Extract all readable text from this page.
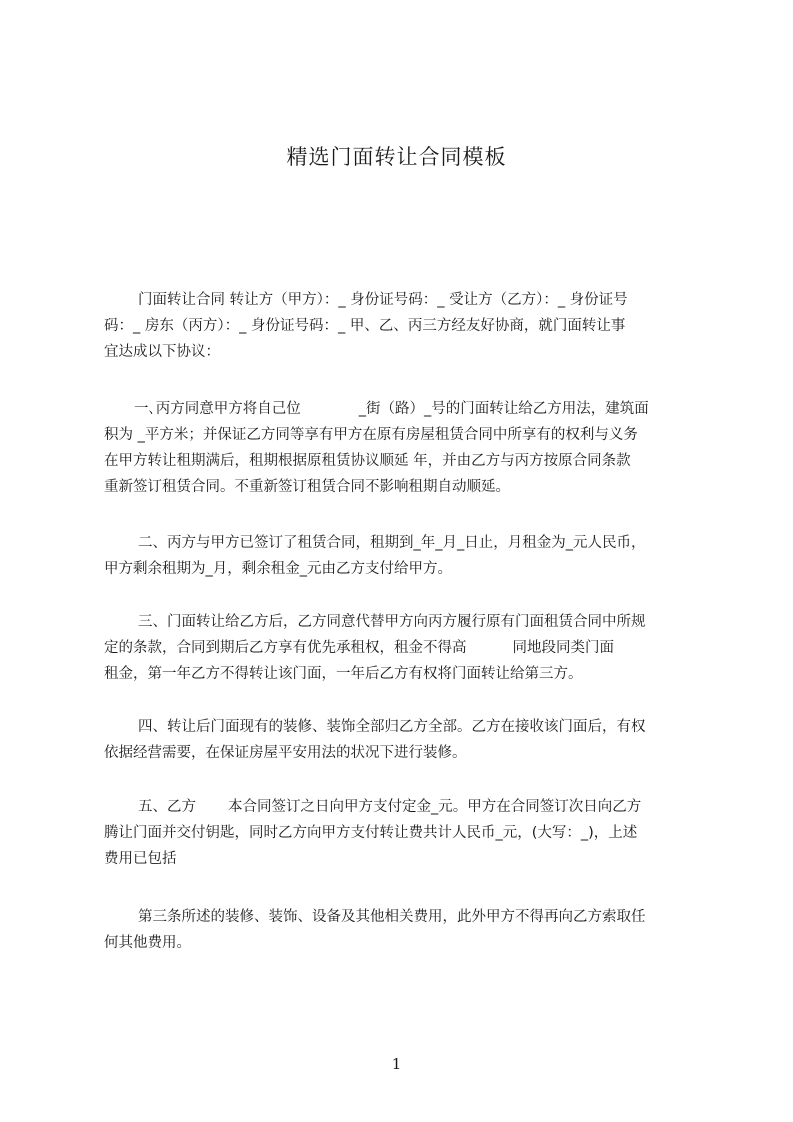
精选门面转让合同模板
门面转让合同 转让方（甲方）：_ 身份证号码：_ 受让方（乙方）：_ 身份证号
码：_ 房东（丙方）：_ 身份证号码：_ 甲、乙、丙三方经友好协商，就门面转让事
宜达成以下协议：
一､丙方同意甲方将自己位	_街（路）_号的门面转让给乙方用法，建筑面
积为 _平方米；并保证乙方同等享有甲方在原有房屋租赁合同中所享有的权利与义务
在甲方转让租期满后，租期根据原租赁协议顺延 年，并由乙方与丙方按原合同条款
重新签订租赁合同。不重新签订租赁合同不影响租期自动顺延。
二、丙方与甲方已签订了租赁合同，租期到_年_月_日止，月租金为_元人民币，
甲方剩余租期为_月，剩余租金_元由乙方支付给甲方。
三、门面转让给乙方后，乙方同意代替甲方向丙方履行原有门面租赁合同中所规
定的条款，合同到期后乙方享有优先承租权，租金不得高	同地段同类门面
租金，第一年乙方不得转让该门面，一年后乙方有权将门面转让给第三方。
四、转让后门面现有的装修、装饰全部归乙方全部。乙方在接收该门面后，有权
依据经营需要，在保证房屋平安用法的状况下进行装修。
五、乙方 本合同签订之日向甲方支付定金_元。甲方在合同签订次日向乙方
腾让门面并交付钥匙，同时乙方向甲方支付转让费共计人民币_元，(大写：_)，上述
费用已包括
第三条所述的装修、装饰、设备及其他相关费用，此外甲方不得再向乙方索取任
何其他费用。
1
